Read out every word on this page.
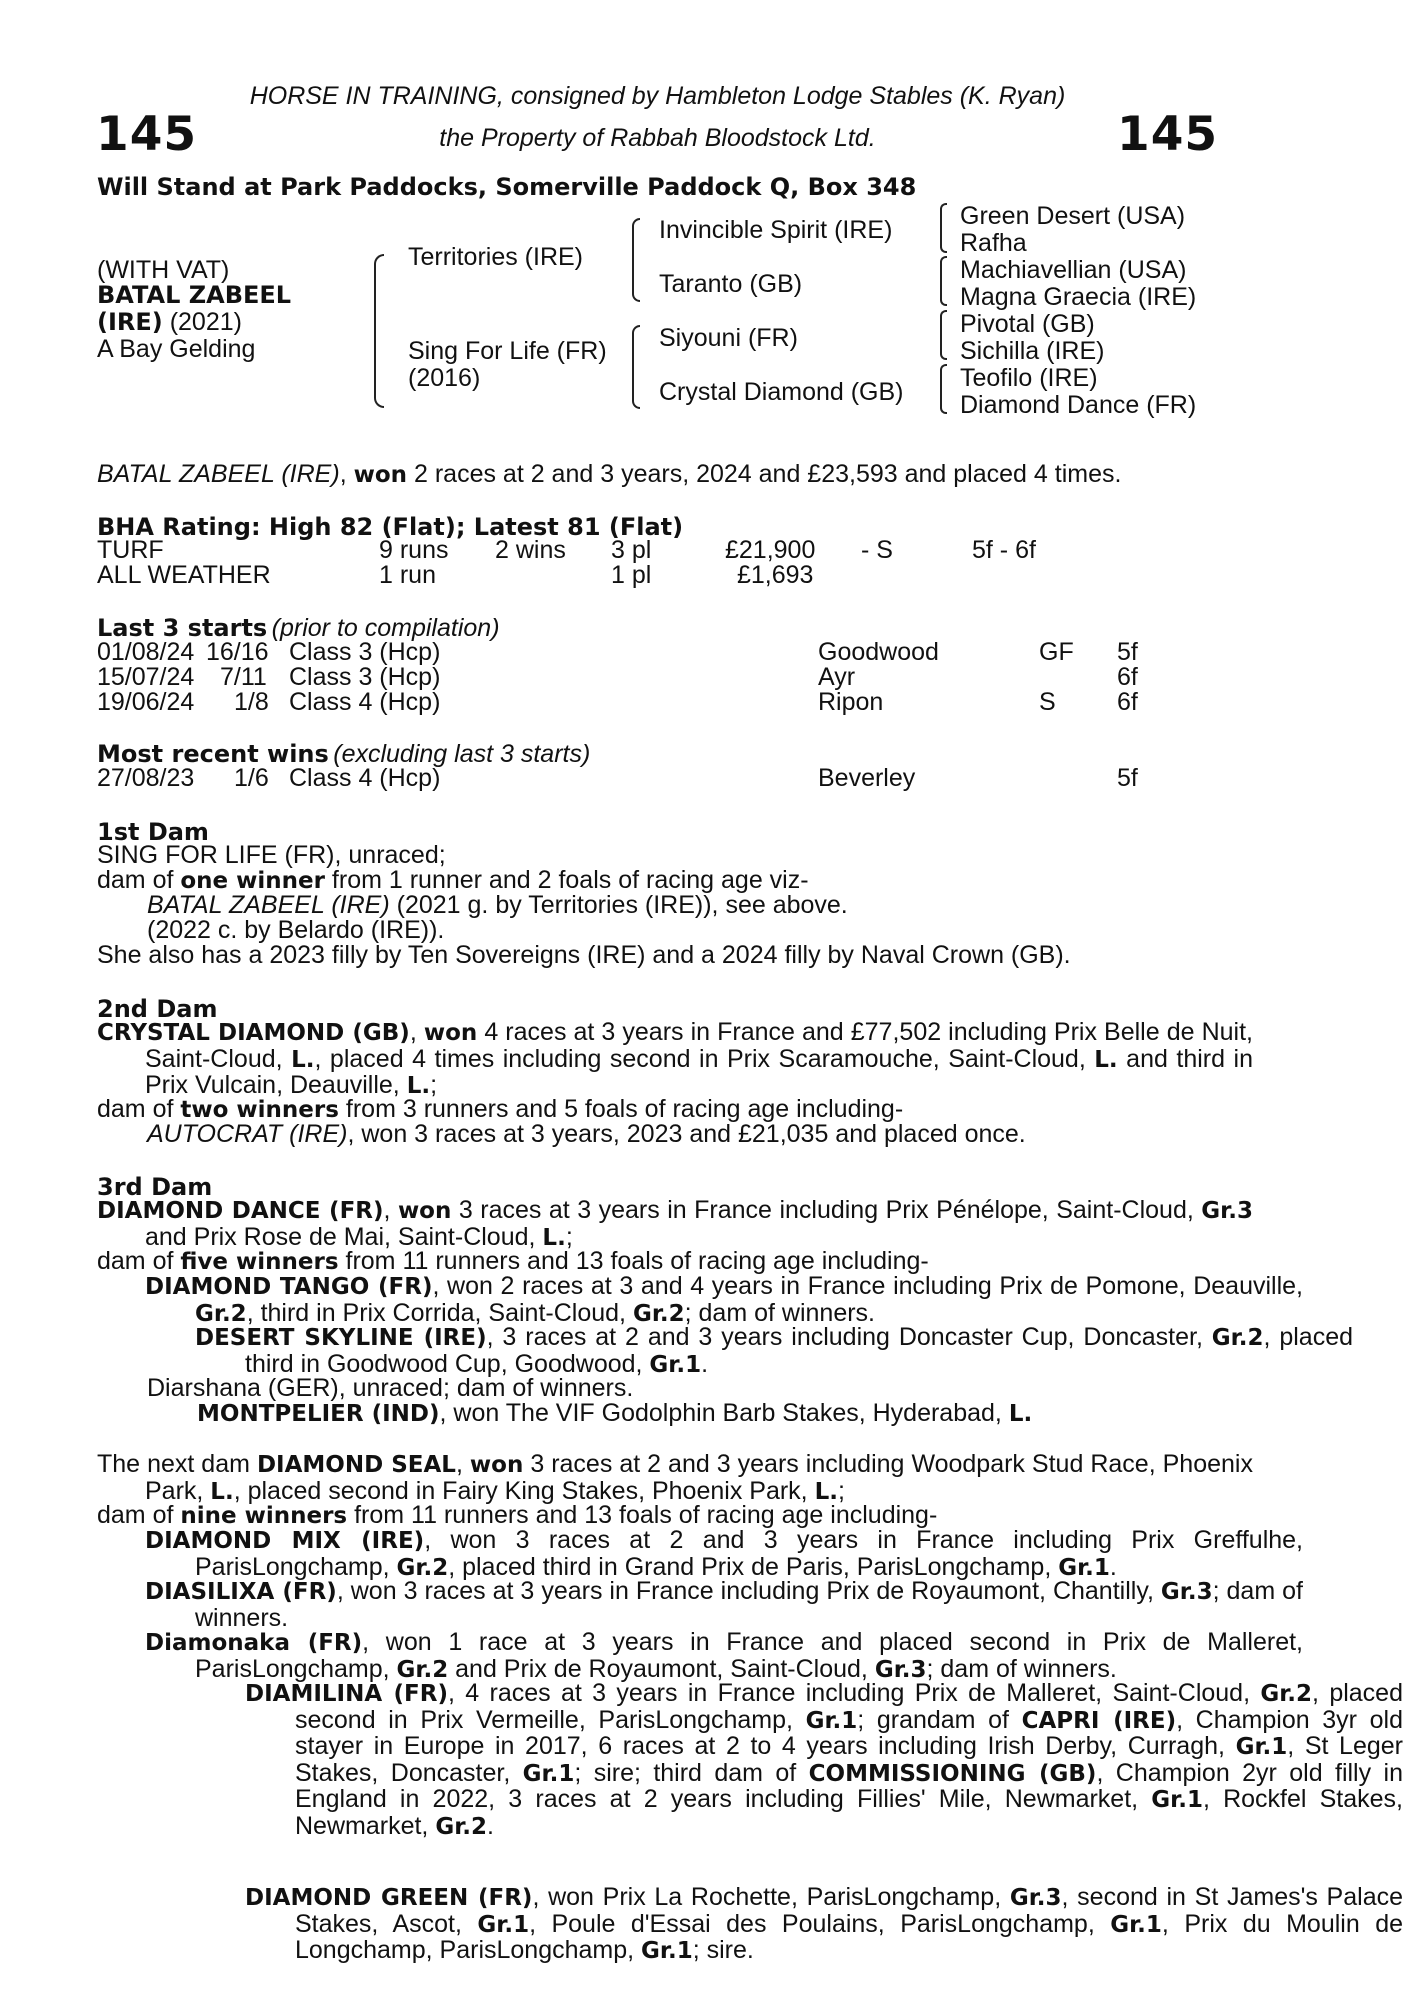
145	145
HORSE IN TRAINING, consigned by Hambleton Lodge Stables (K. Ryan)
the Property of Rabbah Bloodstock Ltd.
Will Stand at Park Paddocks, Somerville Paddock Q, Box 348
(WITH VAT)
BATAL ZABEEL
(IRE) (2021)
A Bay Gelding
Territories (IRE)
Sing For Life (FR)
(2016)
Invincible Spirit (IRE)
Taranto (GB)
Siyouni (FR)
Crystal Diamond (GB)
Green Desert (USA)
Rafha
Machiavellian (USA)
Magna Graecia (IRE)
Pivotal (GB)
Sichilla (IRE)
Teofilo (IRE)
Diamond Dance (FR)
BATAL ZABEEL (IRE), won 2 races at 2 and 3 years, 2024 and £23,593 and placed 4 times.
BHA Rating: High 82 (Flat); Latest 81 (Flat)
TURF	9 runs 2 wins 3 pl	£21,900 - S	5f - 6f
ALL WEATHER	1 run	1 pl	£1,693
Last 3 starts (prior to compilation)
01/08/24 16/16 Class 3 (Hcp)	Goodwood	GF 5f
15/07/24 7/11 Class 3 (Hcp)	Ayr	6f
19/06/24 1/8 Class 4 (Hcp)	Ripon	S 6f
Most recent wins (excluding last 3 starts)
27/08/23 1/6 Class 4 (Hcp)	Beverley	5f
1st Dam
SING FOR LIFE (FR), unraced;
dam of one winner from 1 runner and 2 foals of racing age viz-
BATAL ZABEEL (IRE) (2021 g. by Territories (IRE)), see above.
(2022 c. by Belardo (IRE)).
She also has a 2023 filly by Ten Sovereigns (IRE) and a 2024 filly by Naval Crown (GB).
2nd Dam

CRYSTAL DIAMOND (GB), won 4 races at 3 years in France and £77,502 including Prix Belle de Nuit, Saint-Cloud, L., placed 4 times including second in Prix Scaramouche, Saint-Cloud, L. and third in Prix Vulcain, Deauville, L.;

dam of two winners from 3 runners and 5 foals of racing age including-
AUTOCRAT (IRE), won 3 races at 3 years, 2023 and £21,035 and placed once.
3rd Dam

DIAMOND DANCE (FR), won 3 races at 3 years in France including Prix Pénélope, Saint-Cloud, Gr.3 and Prix Rose de Mai, Saint-Cloud, L.;

dam of five winners from 11 runners and 13 foals of racing age including-

DIAMOND TANGO (FR), won 2 races at 3 and 4 years in France including Prix de Pomone, Deauville, Gr.2, third in Prix Corrida, Saint-Cloud, Gr.2; dam of winners.

DESERT SKYLINE (IRE), 3 races at 2 and 3 years including Doncaster Cup, Doncaster, Gr.2, placed third in Goodwood Cup, Goodwood, Gr.1.

Diarshana (GER), unraced; dam of winners.
MONTPELIER (IND), won The VIF Godolphin Barb Stakes, Hyderabad, L.

The next dam DIAMOND SEAL, won 3 races at 2 and 3 years including Woodpark Stud Race, Phoenix Park, L., placed second in Fairy King Stakes, Phoenix Park, L.;

dam of nine winners from 11 runners and 13 foals of racing age including-

DIAMOND MIX (IRE), won 3 races at 2 and 3 years in France including Prix Greffulhe, ParisLongchamp, Gr.2, placed third in Grand Prix de Paris, ParisLongchamp, Gr.1.

DIASILIXA (FR), won 3 races at 3 years in France including Prix de Royaumont, Chantilly, Gr.3; dam of winners.

Diamonaka (FR), won 1 race at 3 years in France and placed second in Prix de Malleret, ParisLongchamp, Gr.2 and Prix de Royaumont, Saint-Cloud, Gr.3; dam of winners.

DIAMILINA (FR), 4 races at 3 years in France including Prix de Malleret, Saint-Cloud, Gr.2, placed second in Prix Vermeille, ParisLongchamp, Gr.1; grandam of CAPRI (IRE), Champion 3yr old stayer in Europe in 2017, 6 races at 2 to 4 years including Irish Derby, Curragh, Gr.1, St Leger Stakes, Doncaster, Gr.1; sire; third dam of COMMISSIONING (GB), Champion 2yr old filly in England in 2022, 3 races at 2 years including Fillies' Mile, Newmarket, Gr.1, Rockfel Stakes, Newmarket, Gr.2.

DIAMOND GREEN (FR), won Prix La Rochette, ParisLongchamp, Gr.3, second in St James's Palace Stakes, Ascot, Gr.1, Poule d'Essai des Poulains, ParisLongchamp, Gr.1, Prix du Moulin de Longchamp, ParisLongchamp, Gr.1; sire.
